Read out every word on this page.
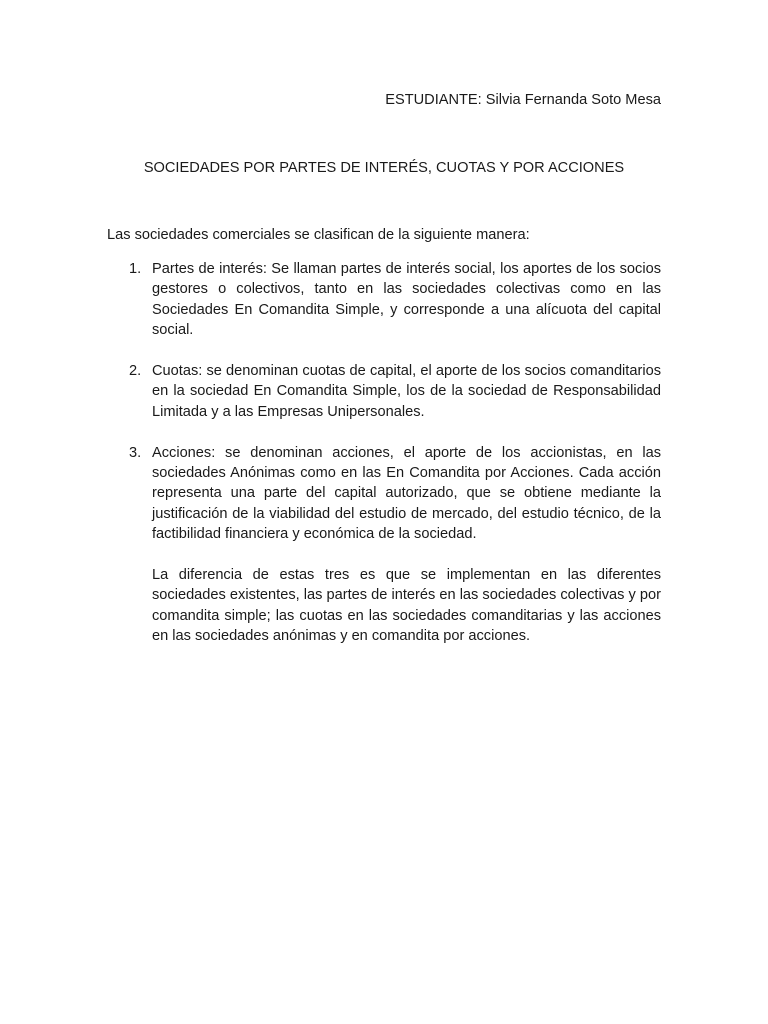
ESTUDIANTE: Silvia Fernanda Soto Mesa
SOCIEDADES POR PARTES DE INTERÉS, CUOTAS Y POR ACCIONES
Las sociedades comerciales se clasifican de la siguiente manera:
1. Partes de interés: Se llaman partes de interés social, los aportes de los socios gestores o colectivos, tanto en las sociedades colectivas como en las Sociedades En Comandita Simple, y corresponde a una alícuota del capital social.

2. Cuotas: se denominan cuotas de capital, el aporte de los socios comanditarios en la sociedad En Comandita Simple, los de la sociedad de Responsabilidad Limitada y a las Empresas Unipersonales.

3. Acciones: se denominan acciones, el aporte de los accionistas, en las sociedades Anónimas como en las En Comandita por Acciones. Cada acción representa una parte del capital autorizado, que se obtiene mediante la justificación de la viabilidad del estudio de mercado, del estudio técnico, de la factibilidad financiera y económica de la sociedad.

La diferencia de estas tres es que se implementan en las diferentes sociedades existentes, las partes de interés en las sociedades colectivas y por comandita simple; las cuotas en las sociedades comanditarias y las acciones en las sociedades anónimas y en comandita por acciones.
